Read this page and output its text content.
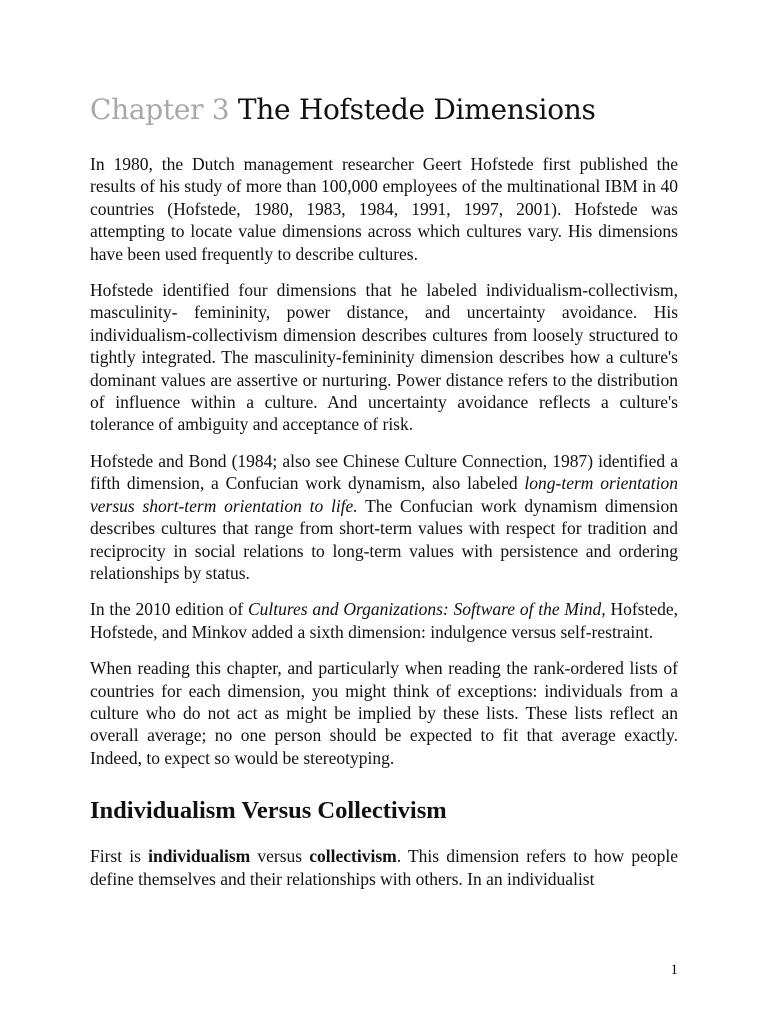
Chapter 3 The Hofstede Dimensions

In 1980, the Dutch management researcher Geert Hofstede first published the results of his study of more than 100,000 employees of the multinational IBM in 40 countries (Hofstede, 1980, 1983, 1984, 1991, 1997, 2001). Hofstede was attempting to locate value dimensions across which cultures vary. His dimensions have been used frequently to describe cultures.

Hofstede identified four dimensions that he labeled individualism-collectivism, masculinity- femininity, power distance, and uncertainty avoidance. His individualism-collectivism dimension describes cultures from loosely structured to tightly integrated. The masculinity-femininity dimension describes how a culture's dominant values are assertive or nurturing. Power distance refers to the distribution of influence within a culture. And uncertainty avoidance reflects a culture's tolerance of ambiguity and acceptance of risk.

Hofstede and Bond (1984; also see Chinese Culture Connection, 1987) identified a fifth dimension, a Confucian work dynamism, also labeled long-term orientation versus short-term orientation to life. The Confucian work dynamism dimension describes cultures that range from short-term values with respect for tradition and reciprocity in social relations to long-term values with persistence and ordering relationships by status.

In the 2010 edition of Cultures and Organizations: Software of the Mind, Hofstede, Hofstede, and Minkov added a sixth dimension: indulgence versus self-restraint.

When reading this chapter, and particularly when reading the rank-ordered lists of countries for each dimension, you might think of exceptions: individuals from a culture who do not act as might be implied by these lists. These lists reflect an overall average; no one person should be expected to fit that average exactly. Indeed, to expect so would be stereotyping.

Individualism Versus Collectivism

First is individualism versus collectivism. This dimension refers to how people define themselves and their relationships with others. In an individualist

1
